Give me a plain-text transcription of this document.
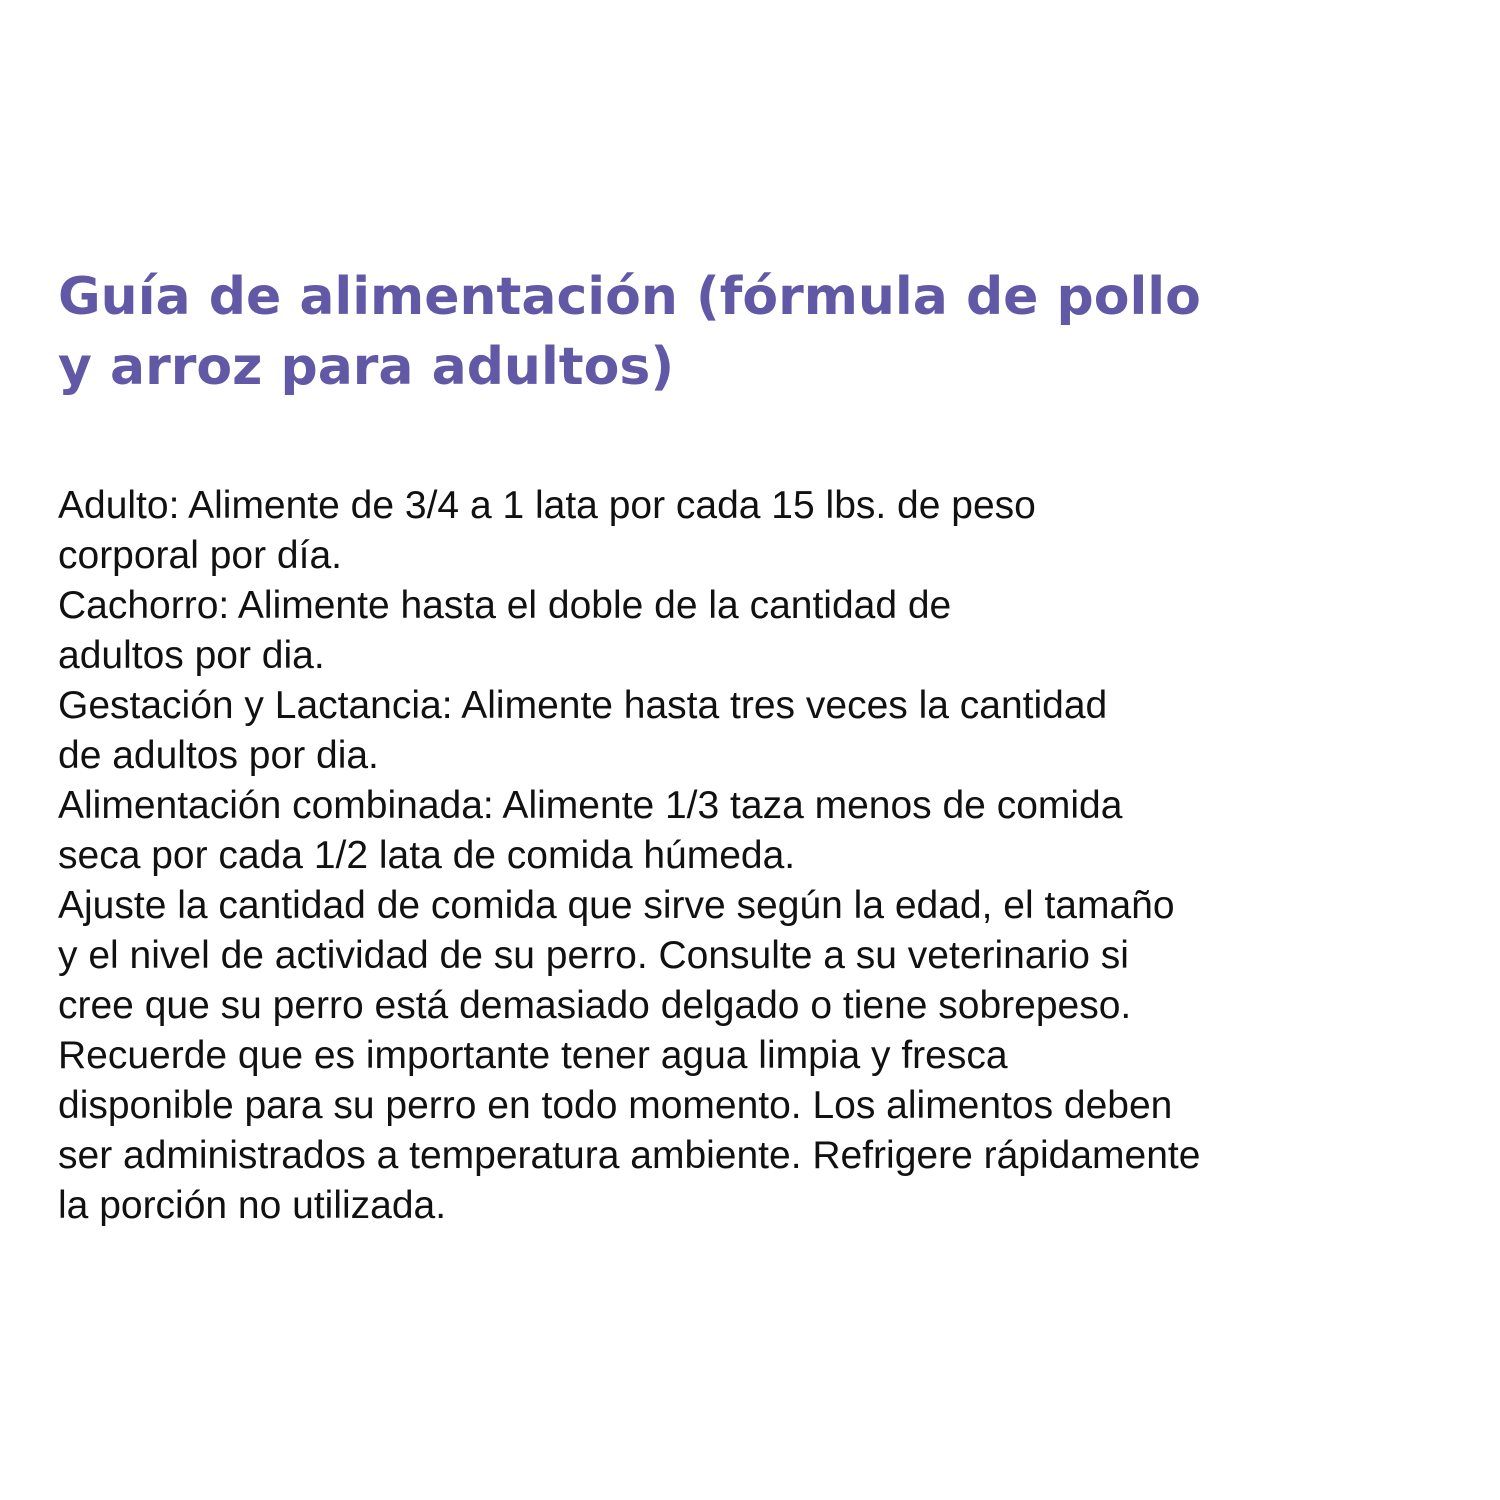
Guía de alimentación (fórmula de pollo
y arroz para adultos)
Adulto: Alimente de 3/4 a 1 lata por cada 15 lbs. de peso
corporal por día.
Cachorro: Alimente hasta el doble de la cantidad de
adultos por dia.
Gestación y Lactancia: Alimente hasta tres veces la cantidad
de adultos por dia.
Alimentación combinada: Alimente 1/3 taza menos de comida
seca por cada 1/2 lata de comida húmeda.
Ajuste la cantidad de comida que sirve según la edad, el tamaño
y el nivel de actividad de su perro. Consulte a su veterinario si
cree que su perro está demasiado delgado o tiene sobrepeso.
Recuerde que es importante tener agua limpia y fresca
disponible para su perro en todo momento. Los alimentos deben
ser administrados a temperatura ambiente. Refrigere rápidamente
la porción no utilizada.
